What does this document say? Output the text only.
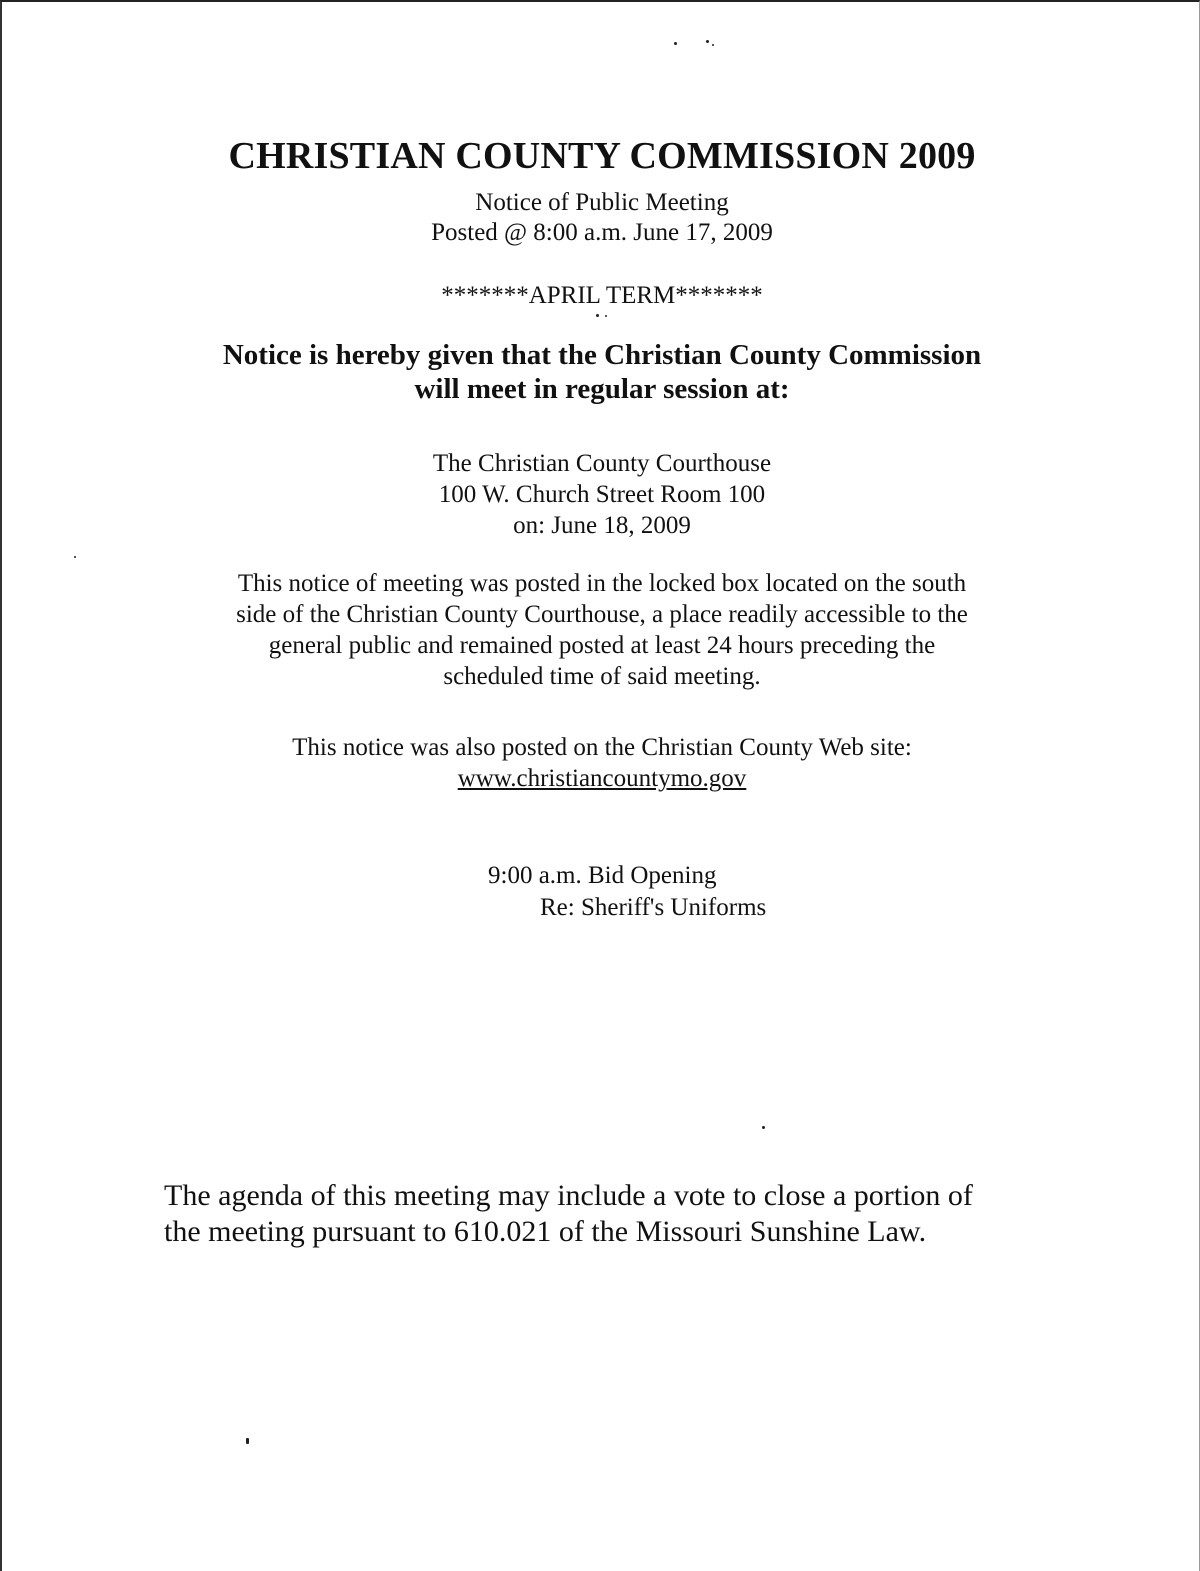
CHRISTIAN COUNTY COMMISSION 2009
Notice of Public Meeting
Posted @ 8:00 a.m. June 17, 2009
*******APRIL TERM*******
Notice is hereby given that the Christian County Commission
will meet in regular session at:
The Christian County Courthouse
100 W. Church Street Room 100
on: June 18, 2009
This notice of meeting was posted in the locked box located on the south
side of the Christian County Courthouse, a place readily accessible to the
general public and remained posted at least 24 hours preceding the
scheduled time of said meeting.
This notice was also posted on the Christian County Web site:
www.christiancountymo.gov
9:00 a.m. Bid Opening
Re: Sheriff's Uniforms
The agenda of this meeting may include a vote to close a portion of
the meeting pursuant to 610.021 of the Missouri Sunshine Law.
